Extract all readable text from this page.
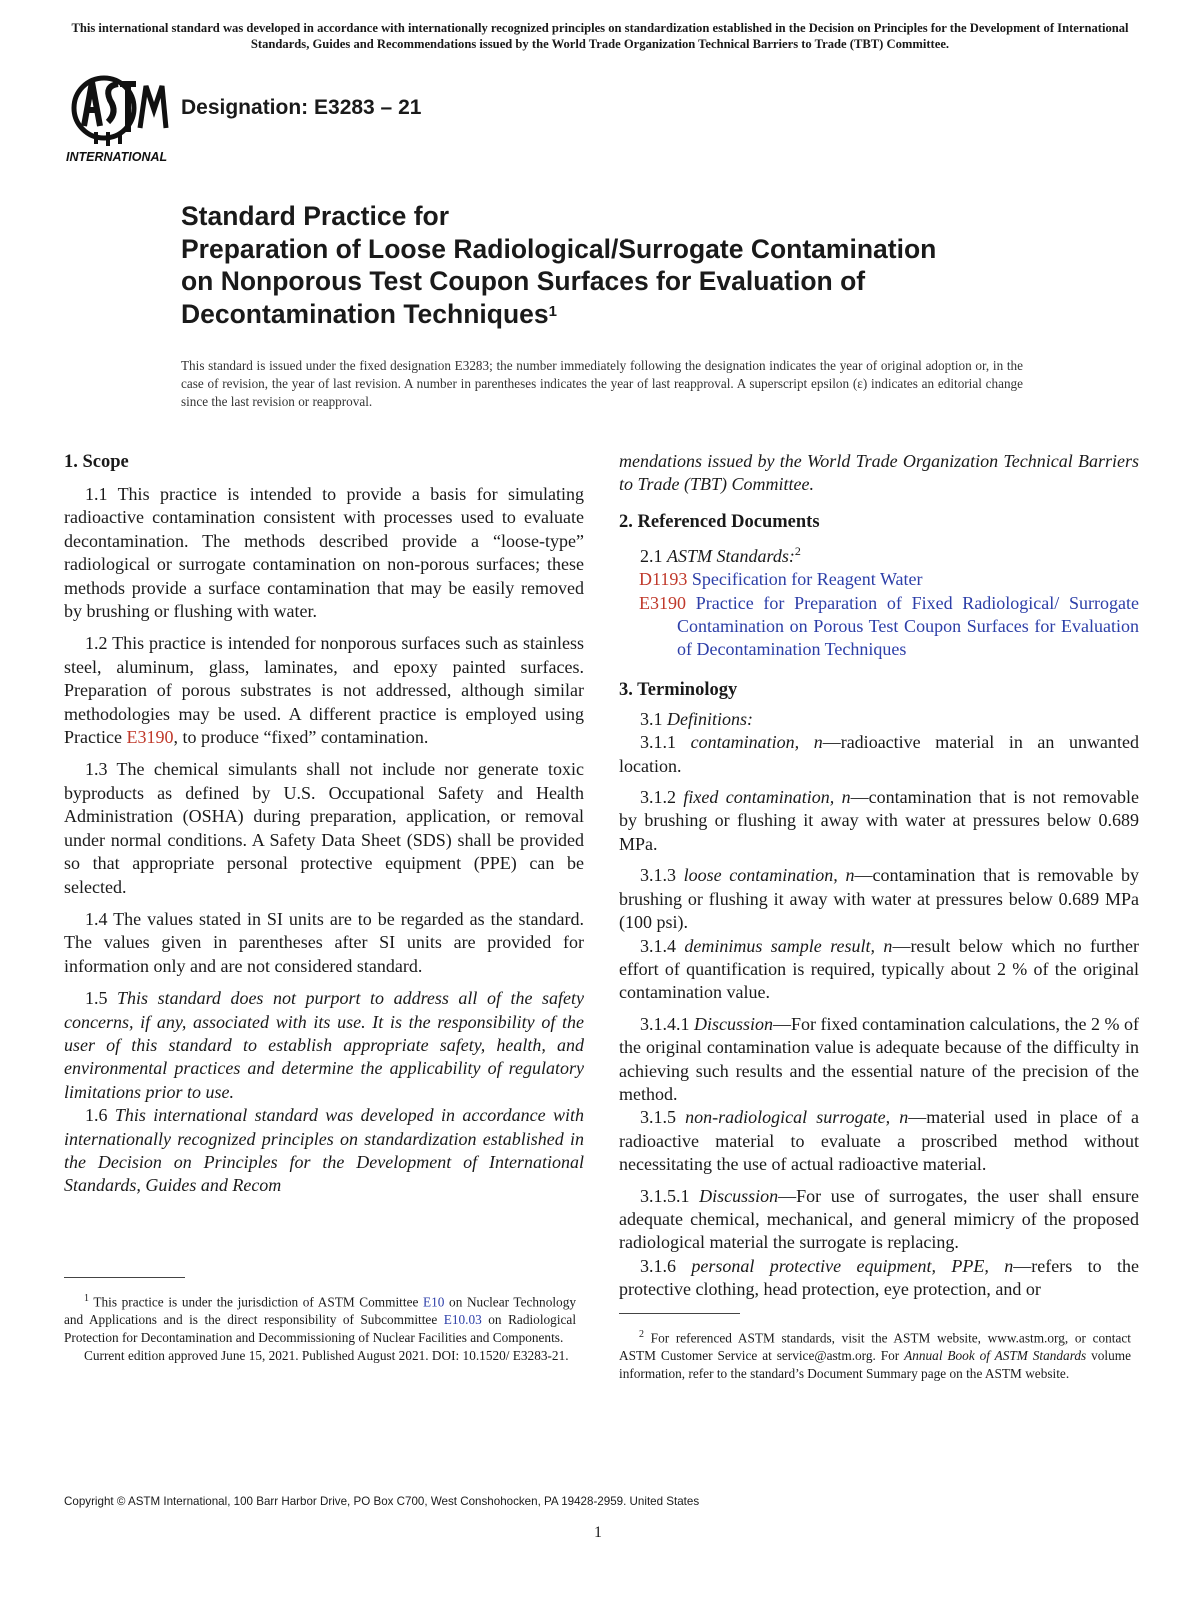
This international standard was developed in accordance with internationally recognized principles on standardization established in the Decision on Principles for the Development of International Standards, Guides and Recommendations issued by the World Trade Organization Technical Barriers to Trade (TBT) Committee.
INTERNATIONAL
Designation: E3283 – 21
Standard Practice for
Preparation of Loose Radiological/Surrogate Contamination
on Nonporous Test Coupon Surfaces for Evaluation of
Decontamination Techniques$^1$
This standard is issued under the fixed designation E3283; the number immediately following the designation indicates the year of original adoption or, in the case of revision, the year of last revision. A number in parentheses indicates the year of last reapproval. A superscript epsilon (ε) indicates an editorial change since the last revision or reapproval.
1. Scope

1.1 This practice is intended to provide a basis for simulating radioactive contamination consistent with processes used to evaluate decontamination. The methods described provide a “loose-type” radiological or surrogate contamination on non-porous surfaces; these methods provide a surface contamination that may be easily removed by brushing or flushing with water.

1.2 This practice is intended for nonporous surfaces such as stainless steel, aluminum, glass, laminates, and epoxy painted surfaces. Preparation of porous substrates is not addressed, although similar methodologies may be used. A different practice is employed using Practice E3190, to produce “fixed” contamination.

1.3 The chemical simulants shall not include nor generate toxic byproducts as defined by U.S. Occupational Safety and Health Administration (OSHA) during preparation, application, or removal under normal conditions. A Safety Data Sheet (SDS) shall be provided so that appropriate personal protective equipment (PPE) can be selected.

1.4 The values stated in SI units are to be regarded as the standard. The values given in parentheses after SI units are provided for information only and are not considered standard.

1.5 This standard does not purport to address all of the safety concerns, if any, associated with its use. It is the responsibility of the user of this standard to establish appropriate safety, health, and environmental practices and determine the applicability of regulatory limitations prior to use.

1.6 This international standard was developed in accordance with internationally recognized principles on standardization established in the Decision on Principles for the Development of International Standards, Guides and Recom

mendations issued by the World Trade Organization Technical Barriers to Trade (TBT) Committee.

2. Referenced Documents

2.1 ASTM Standards:$^2$

D1193 Specification for Reagent Water

E3190 Practice for Preparation of Fixed Radiological/ Surrogate Contamination on Porous Test Coupon Surfaces for Evaluation of Decontamination Techniques

3. Terminology

3.1 Definitions:

3.1.1 contamination, n—radioactive material in an unwanted location.

3.1.2 fixed contamination, n—contamination that is not removable by brushing or flushing it away with water at pressures below 0.689 MPa.

3.1.3 loose contamination, n—contamination that is removable by brushing or flushing it away with water at pressures below 0.689 MPa (100 psi).

3.1.4 deminimus sample result, n—result below which no further effort of quantification is required, typically about 2 % of the original contamination value.

3.1.4.1 Discussion—For fixed contamination calculations, the 2 % of the original contamination value is adequate because of the difficulty in achieving such results and the essential nature of the precision of the method.

3.1.5 non-radiological surrogate, n—material used in place of a radioactive material to evaluate a proscribed method without necessitating the use of actual radioactive material.

3.1.5.1 Discussion—For use of surrogates, the user shall ensure adequate chemical, mechanical, and general mimicry of the proposed radiological material the surrogate is replacing.

3.1.6 personal protective equipment, PPE, n—refers to the protective clothing, head protection, eye protection, and or

$^1$ This practice is under the jurisdiction of ASTM Committee E10 on Nuclear Technology and Applications and is the direct responsibility of Subcommittee E10.03 on Radiological Protection for Decontamination and Decommissioning of Nuclear Facilities and Components.

Current edition approved June 15, 2021. Published August 2021. DOI: 10.1520/ E3283-21.

$^2$ For referenced ASTM standards, visit the ASTM website, www.astm.org, or contact ASTM Customer Service at service@astm.org. For Annual Book of ASTM Standards volume information, refer to the standard’s Document Summary page on the ASTM website.

Copyright © ASTM International, 100 Barr Harbor Drive, PO Box C700, West Conshohocken, PA 19428-2959. United States
1
